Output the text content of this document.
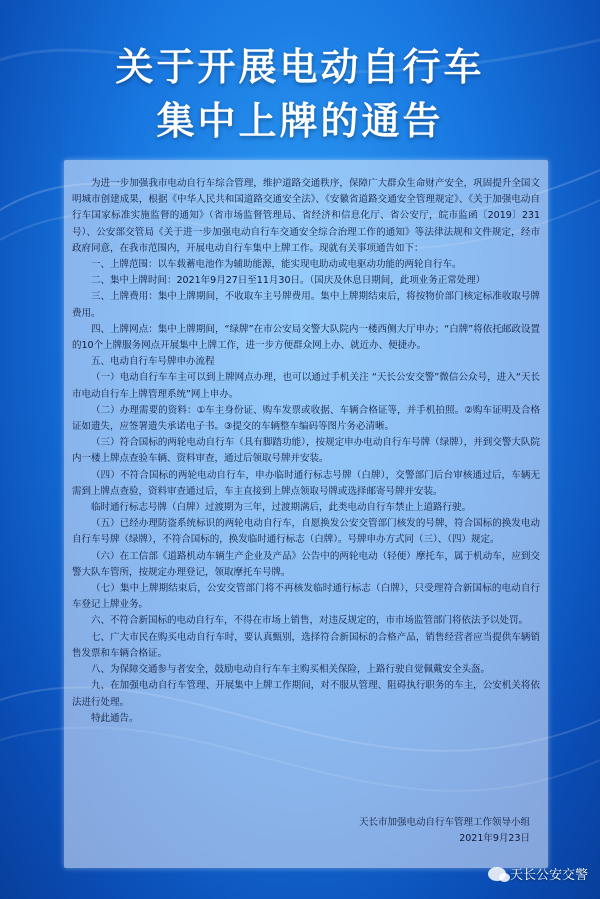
关于开展电动自行车
集中上牌的通告

为进一步加强我市电动自行车综合管理，维护道路交通秩序，保障广大群众生命财产安全，巩固提升全国文明城市创建成果，根据《中华人民共和国道路交通安全法》、《安徽省道路交通安全管理规定》、《关于加强电动自行车国家标准实施监督的通知》（省市场监督管理局、省经济和信息化厅、省公安厅，皖市监函〔2019〕231号）、公安部交管局《关于进一步加强电动自行车交通安全综合治理工作的通知》等法律法规和文件规定，经市政府同意，在我市范围内，开展电动自行车集中上牌工作。现就有关事项通告如下：

一、上牌范围：以车载蓄电池作为辅助能源，能实现电助动或电驱动功能的两轮自行车。

二、集中上牌时间：2021年9月27日至11月30日。（国庆及休息日期间，此项业务正常处理）

三、上牌费用：集中上牌期间，不收取车主号牌费用。集中上牌期结束后，将按物价部门核定标准收取号牌费用。

四、上牌网点：集中上牌期间，“绿牌”在市公安局交警大队院内一楼西侧大厅申办；“白牌”将依托邮政设置的10个上牌服务网点开展集中上牌工作，进一步方便群众网上办、就近办、便捷办。

五、电动自行车号牌申办流程

（一）电动自行车车主可以到上牌网点办理，也可以通过手机关注 “天长公安交警”微信公众号，进入“天长市电动自行车上牌管理系统”网上申办。

（二）办理需要的资料：①车主身份证、购车发票或收据、车辆合格证等，并手机拍照。②购车证明及合格证如遗失，应签署遗失承诺电子书。③提交的车辆整车编码等图片务必清晰。

（三）符合国标的两轮电动自行车（具有脚踏功能），按规定申办电动自行车号牌（绿牌），并到交警大队院内一楼上牌点查验车辆、资料审查，通过后领取号牌并安装。

（四）不符合国标的两轮电动自行车，申办临时通行标志号牌（白牌），交警部门后台审核通过后，车辆无需到上牌点查验，资料审查通过后，车主直接到上牌点领取号牌或选择邮寄号牌并安装。

临时通行标志号牌（白牌）过渡期为三年，过渡期满后，此类电动自行车禁止上道路行驶。

（五）已经办理防盗系统标识的两轮电动自行车，自愿换发公安交管部门核发的号牌，符合国标的换发电动自行车号牌（绿牌），不符合国标的，换发临时通行标志（白牌）。号牌申办方式同（三）、（四）规定。

（六）在工信部《道路机动车辆生产企业及产品》公告中的两轮电动（轻便）摩托车，属于机动车，应到交警大队车管所，按规定办理登记，领取摩托车号牌。

（七）集中上牌期结束后，公安交管部门将不再核发临时通行标志（白牌），只受理符合新国标的电动自行车登记上牌业务。

六、不符合新国标的电动自行车，不得在市场上销售，对违反规定的，市市场监管部门将依法予以处罚。

七、广大市民在购买电动自行车时，要认真甄别，选择符合新国标的合格产品，销售经营者应当提供车辆销售发票和车辆合格证。

八、为保障交通参与者安全，鼓励电动自行车车主购买相关保险，上路行驶自觉佩戴安全头盔。

九、在加强电动自行车管理、开展集中上牌工作期间，对不服从管理、阻碍执行职务的车主，公安机关将依法进行处理。

特此通告。

天长市加强电动自行车管理工作领导小组
2021年9月23日
天长公安交警
